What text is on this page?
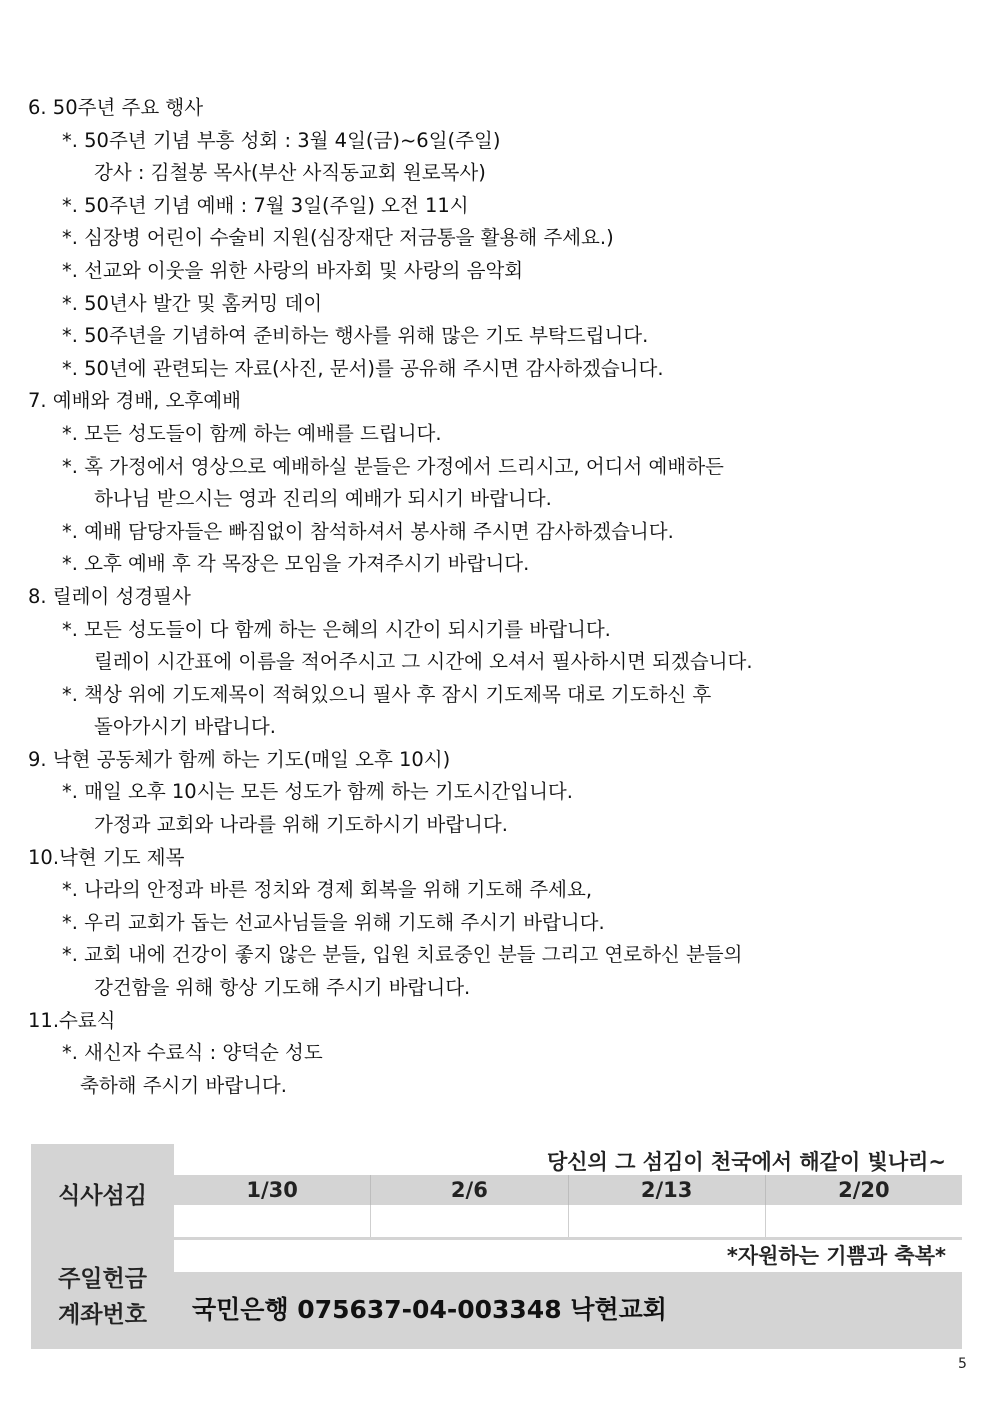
6. 50주년 주요 행사
*. 50주년 기념 부흥 성회 : 3월 4일(금)~6일(주일)
강사 : 김철봉 목사(부산 사직동교회 원로목사)
*. 50주년 기념 예배 : 7월 3일(주일) 오전 11시
*. 심장병 어린이 수술비 지원(심장재단 저금통을 활용해 주세요.)
*. 선교와 이웃을 위한 사랑의 바자회 및 사랑의 음악회
*. 50년사 발간 및 홈커밍 데이
*. 50주년을 기념하여 준비하는 행사를 위해 많은 기도 부탁드립니다.
*. 50년에 관련되는 자료(사진, 문서)를 공유해 주시면 감사하겠습니다.
7. 예배와 경배, 오후예배
*. 모든 성도들이 함께 하는 예배를 드립니다.
*. 혹 가정에서 영상으로 예배하실 분들은 가정에서 드리시고, 어디서 예배하든
하나님 받으시는 영과 진리의 예배가 되시기 바랍니다.
*. 예배 담당자들은 빠짐없이 참석하셔서 봉사해 주시면 감사하겠습니다.
*. 오후 예배 후 각 목장은 모임을 가져주시기 바랍니다.
8. 릴레이 성경필사
*. 모든 성도들이 다 함께 하는 은혜의 시간이 되시기를 바랍니다.
릴레이 시간표에 이름을 적어주시고 그 시간에 오셔서 필사하시면 되겠습니다.
*. 책상 위에 기도제목이 적혀있으니 필사 후 잠시 기도제목 대로 기도하신 후
돌아가시기 바랍니다.
9. 낙현 공동체가 함께 하는 기도(매일 오후 10시)
*. 매일 오후 10시는 모든 성도가 함께 하는 기도시간입니다.
가정과 교회와 나라를 위해 기도하시기 바랍니다.
10.낙현 기도 제목
*. 나라의 안정과 바른 정치와 경제 회복을 위해 기도해 주세요,
*. 우리 교회가 돕는 선교사님들을 위해 기도해 주시기 바랍니다.
*. 교회 내에 건강이 좋지 않은 분들, 입원 치료중인 분들 그리고 연로하신 분들의
강건함을 위해 항상 기도해 주시기 바랍니다.
11.수료식
*. 새신자 수료식 : 양덕순 성도
축하해 주시기 바랍니다.
식사섬김
당신의 그 섬김이 천국에서 해같이 빛나리~
1/30	2/6	2/13	2/20
*자원하는 기쁨과 축복*
주일헌금
계좌번호	국민은행 075637-04-003348 낙현교회
5
